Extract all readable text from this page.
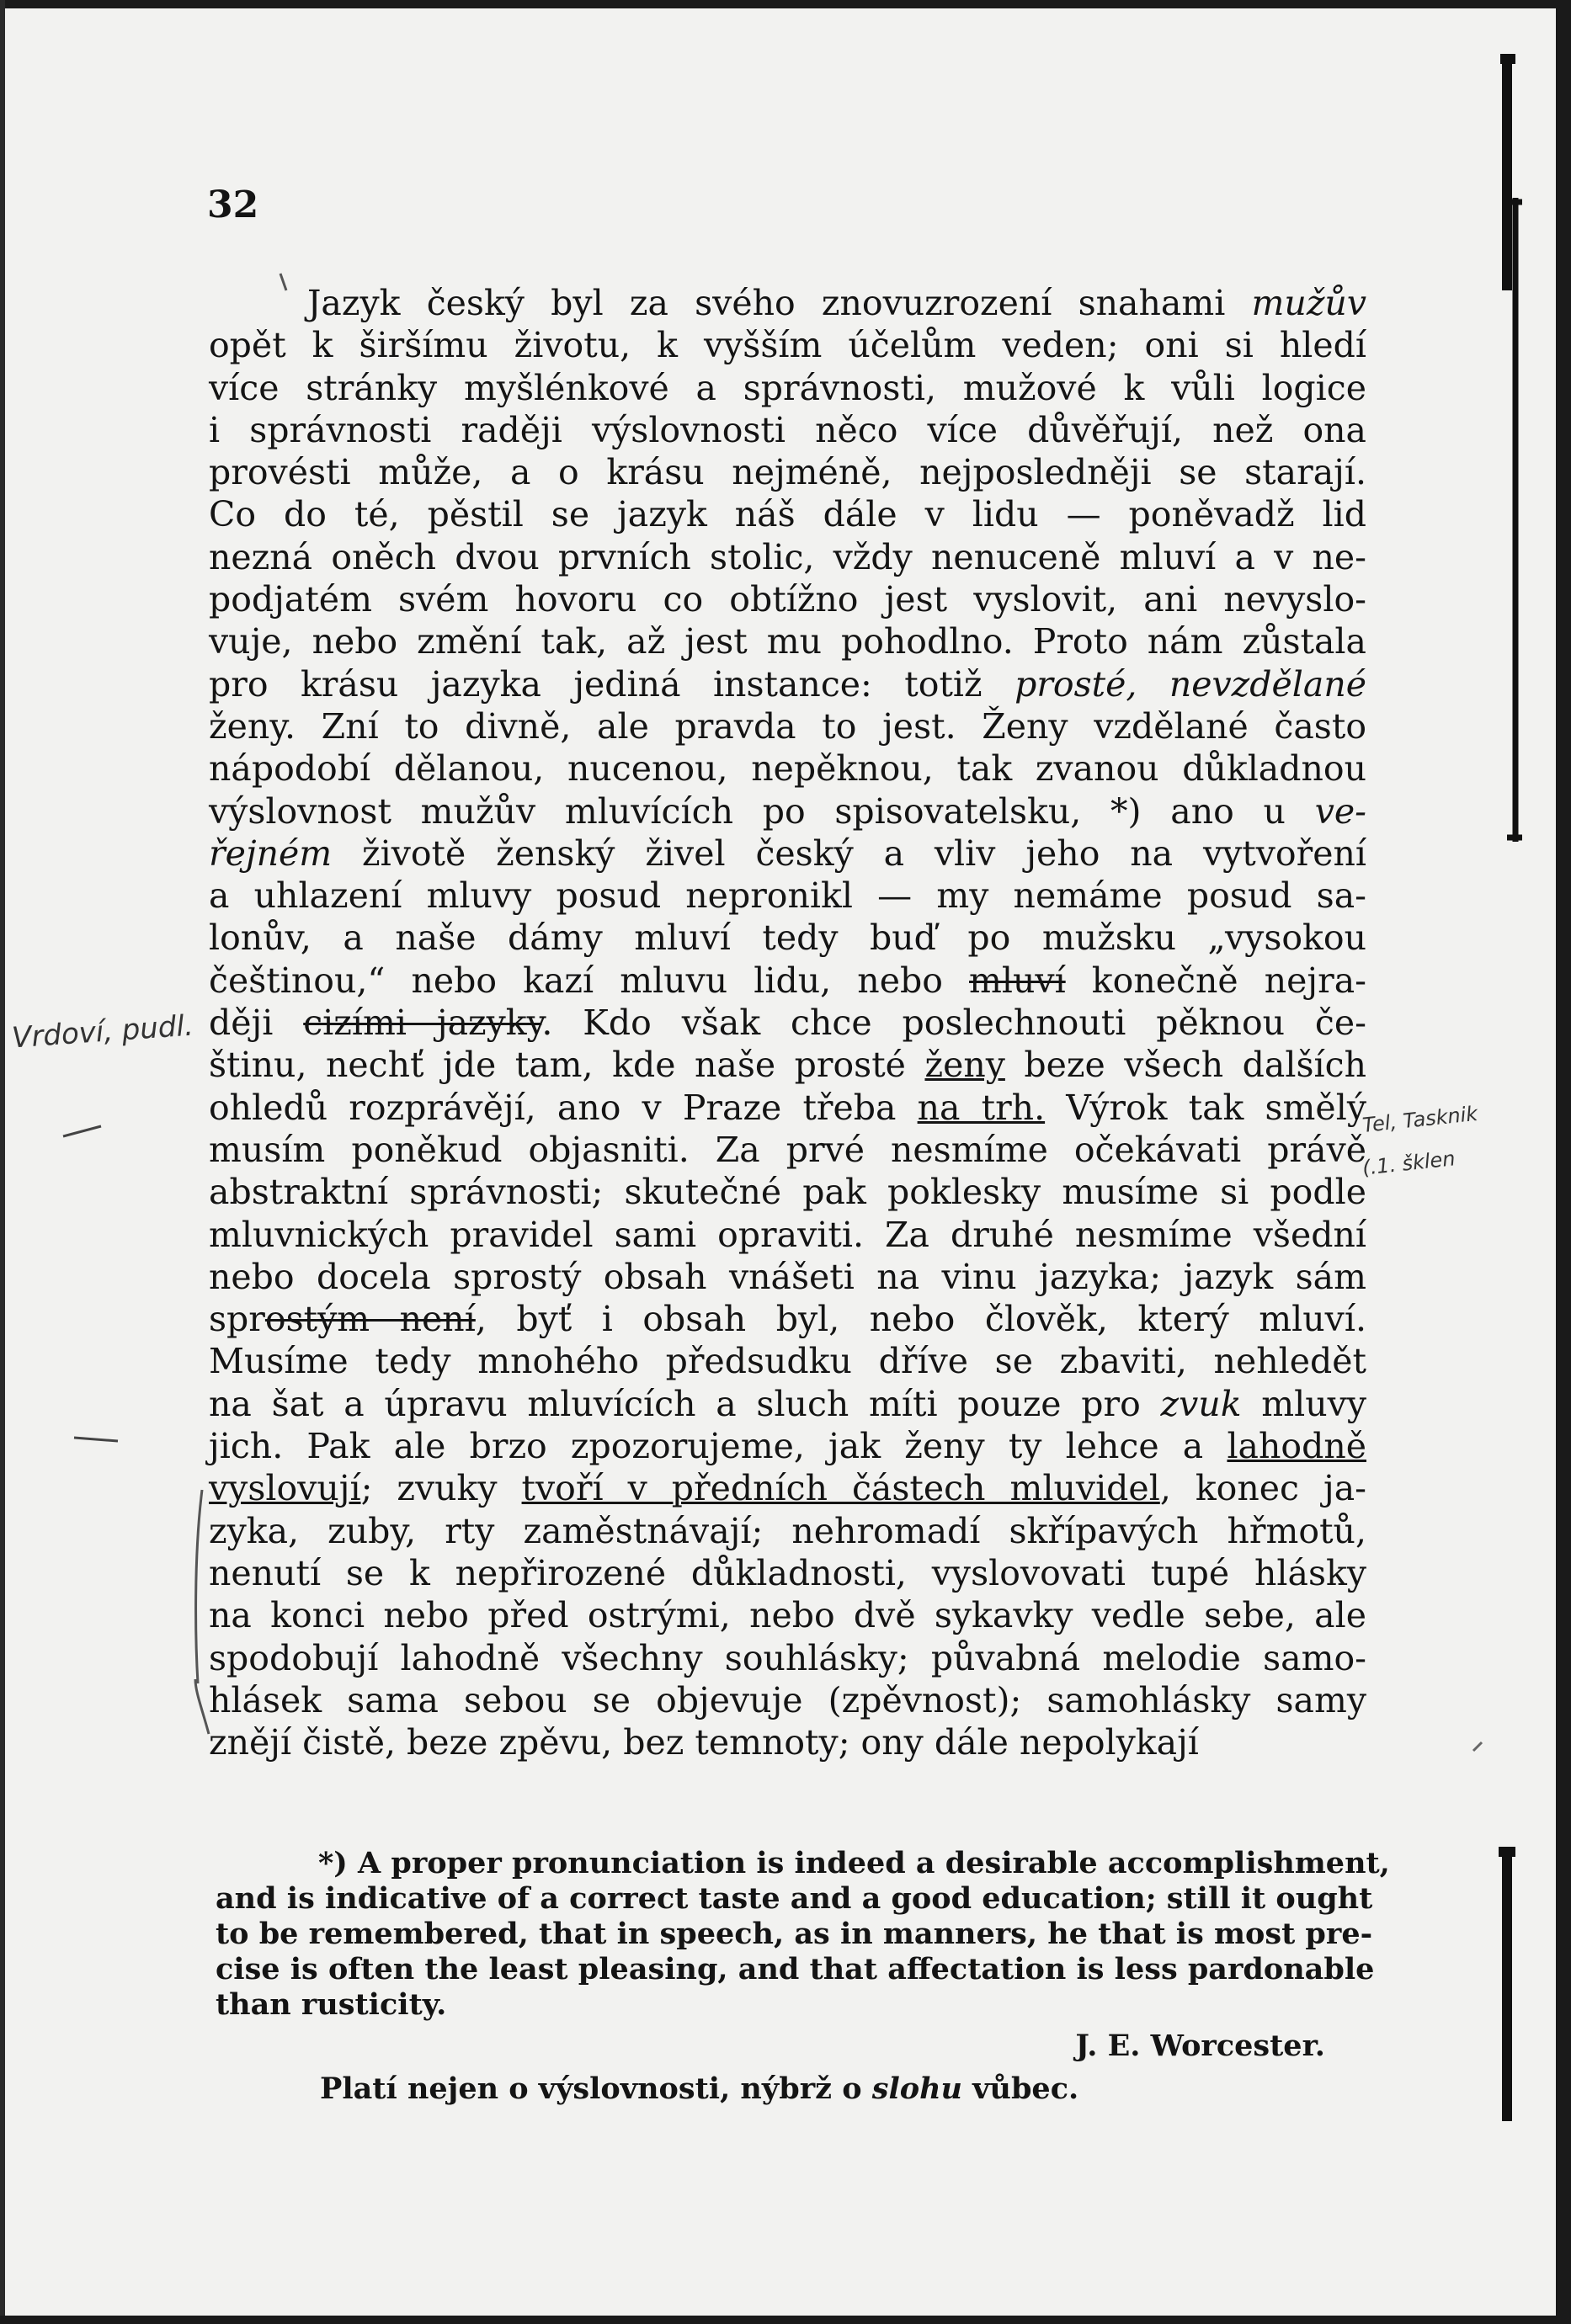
32
Jazyk český byl za svého znovuzrození snahami mužův
opět k širšímu životu, k vyšším účelům veden; oni si hledí
více stránky myšlénkové a správnosti, mužové k vůli logice
i správnosti raději výslovnosti něco více důvěřují, než ona
provésti může, a o krásu nejméně, nejposledněji se starají.
Co do té, pěstil se jazyk náš dále v lidu — poněvadž lid
nezná oněch dvou prvních stolic, vždy nenuceně mluví a v ne-
podjatém svém hovoru co obtížno jest vyslovit, ani nevyslo-
vuje, nebo změní tak, až jest mu pohodlno. Proto nám zůstala
pro krásu jazyka jediná instance: totiž prosté, nevzdělané
ženy. Zní to divně, ale pravda to jest. Ženy vzdělané často
nápodobí dělanou, nucenou, nepěknou, tak zvanou důkladnou
výslovnost mužův mluvících po spisovatelsku, *) ano u ve-
řejném životě ženský živel český a vliv jeho na vytvoření
a uhlazení mluvy posud nepronikl — my nemáme posud sa-
lonův, a naše dámy mluví tedy buď po mužsku „vysokou
češtinou,“ nebo kazí mluvu lidu, nebo mluví konečně nejra-
ději cizími jazyky. Kdo však chce poslechnouti pěknou če-
štinu, nechť jde tam, kde naše prosté ženy beze všech dalších
ohledů rozprávějí, ano v Praze třeba na trh. Výrok tak smělý
musím poněkud objasniti. Za prvé nesmíme očekávati právě
abstraktní správnosti; skutečné pak poklesky musíme si podle
mluvnických pravidel sami opraviti. Za druhé nesmíme všední
nebo docela sprostý obsah vnášeti na vinu jazyka; jazyk sám
sprostým není, byť i obsah byl, nebo člověk, který mluví.
Musíme tedy mnohého předsudku dříve se zbaviti, nehledět
na šat a úpravu mluvících a sluch míti pouze pro zvuk mluvy
jich. Pak ale brzo zpozorujeme, jak ženy ty lehce a lahodně
vyslovují; zvuky tvoří v předních částech mluvidel, konec ja-
zyka, zuby, rty zaměstnávají; nehromadí skřípavých hřmotů,
nenutí se k nepřirozené důkladnosti, vyslovovati tupé hlásky
na konci nebo před ostrými, nebo dvě sykavky vedle sebe, ale
spodobují lahodně všechny souhlásky; půvabná melodie samo-
hlásek sama sebou se objevuje (zpěvnost); samohlásky samy
znějí čistě, beze zpěvu, bez temnoty; ony dále nepolykají
*) A proper pronunciation is indeed a desirable accomplishment,
and is indicative of a correct taste and a good education; still it ought
to be remembered, that in speech, as in manners, he that is most pre-
cise is often the least pleasing, and that affectation is less pardonable
than rusticity.
J. E. Worcester.
Platí nejen o výslovnosti, nýbrž o slohu vůbec.
Vrdoví, pudl.
Tel, Tasknik
(.1. šklen
